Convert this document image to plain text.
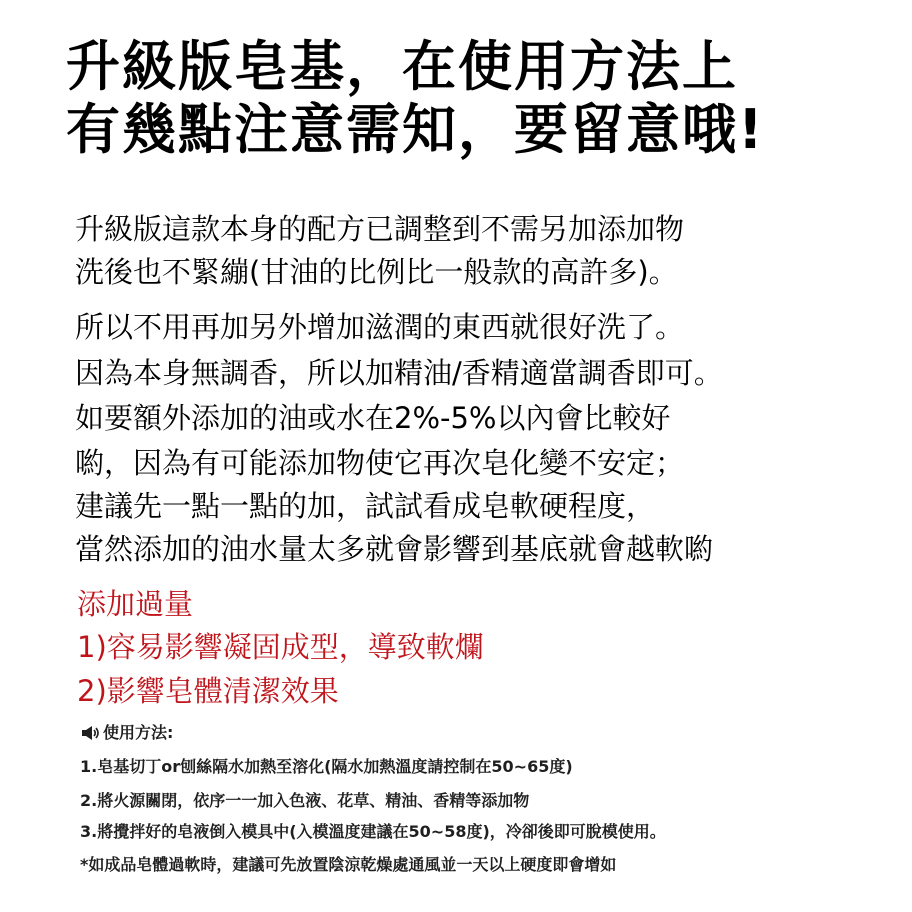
升級版皂基，在使用方法上
有幾點注意需知，要留意哦!
升級版這款本身的配方已調整到不需另加添加物
洗後也不緊繃(甘油的比例比一般款的高許多)。
所以不用再加另外增加滋潤的東西就很好洗了。
因為本身無調香，所以加精油/香精適當調香即可。
如要額外添加的油或水在2%-5%以內會比較好
喲，因為有可能添加物使它再次皂化變不安定；
建議先一點一點的加，試試看成皂軟硬程度，
當然添加的油水量太多就會影響到基底就會越軟喲
添加過量
1)容易影響凝固成型，導致軟爛
2)影響皂體清潔效果
使用方法:
1.皂基切丁or刨絲隔水加熱至溶化(隔水加熱溫度請控制在50~65度)
2.將火源關閉，依序一一加入色液、花草、精油、香精等添加物
3.將攪拌好的皂液倒入模具中(入模溫度建議在50~58度)，冷卻後即可脫模使用。
*如成品皂體過軟時，建議可先放置陰涼乾燥處通風並一天以上硬度即會增如
